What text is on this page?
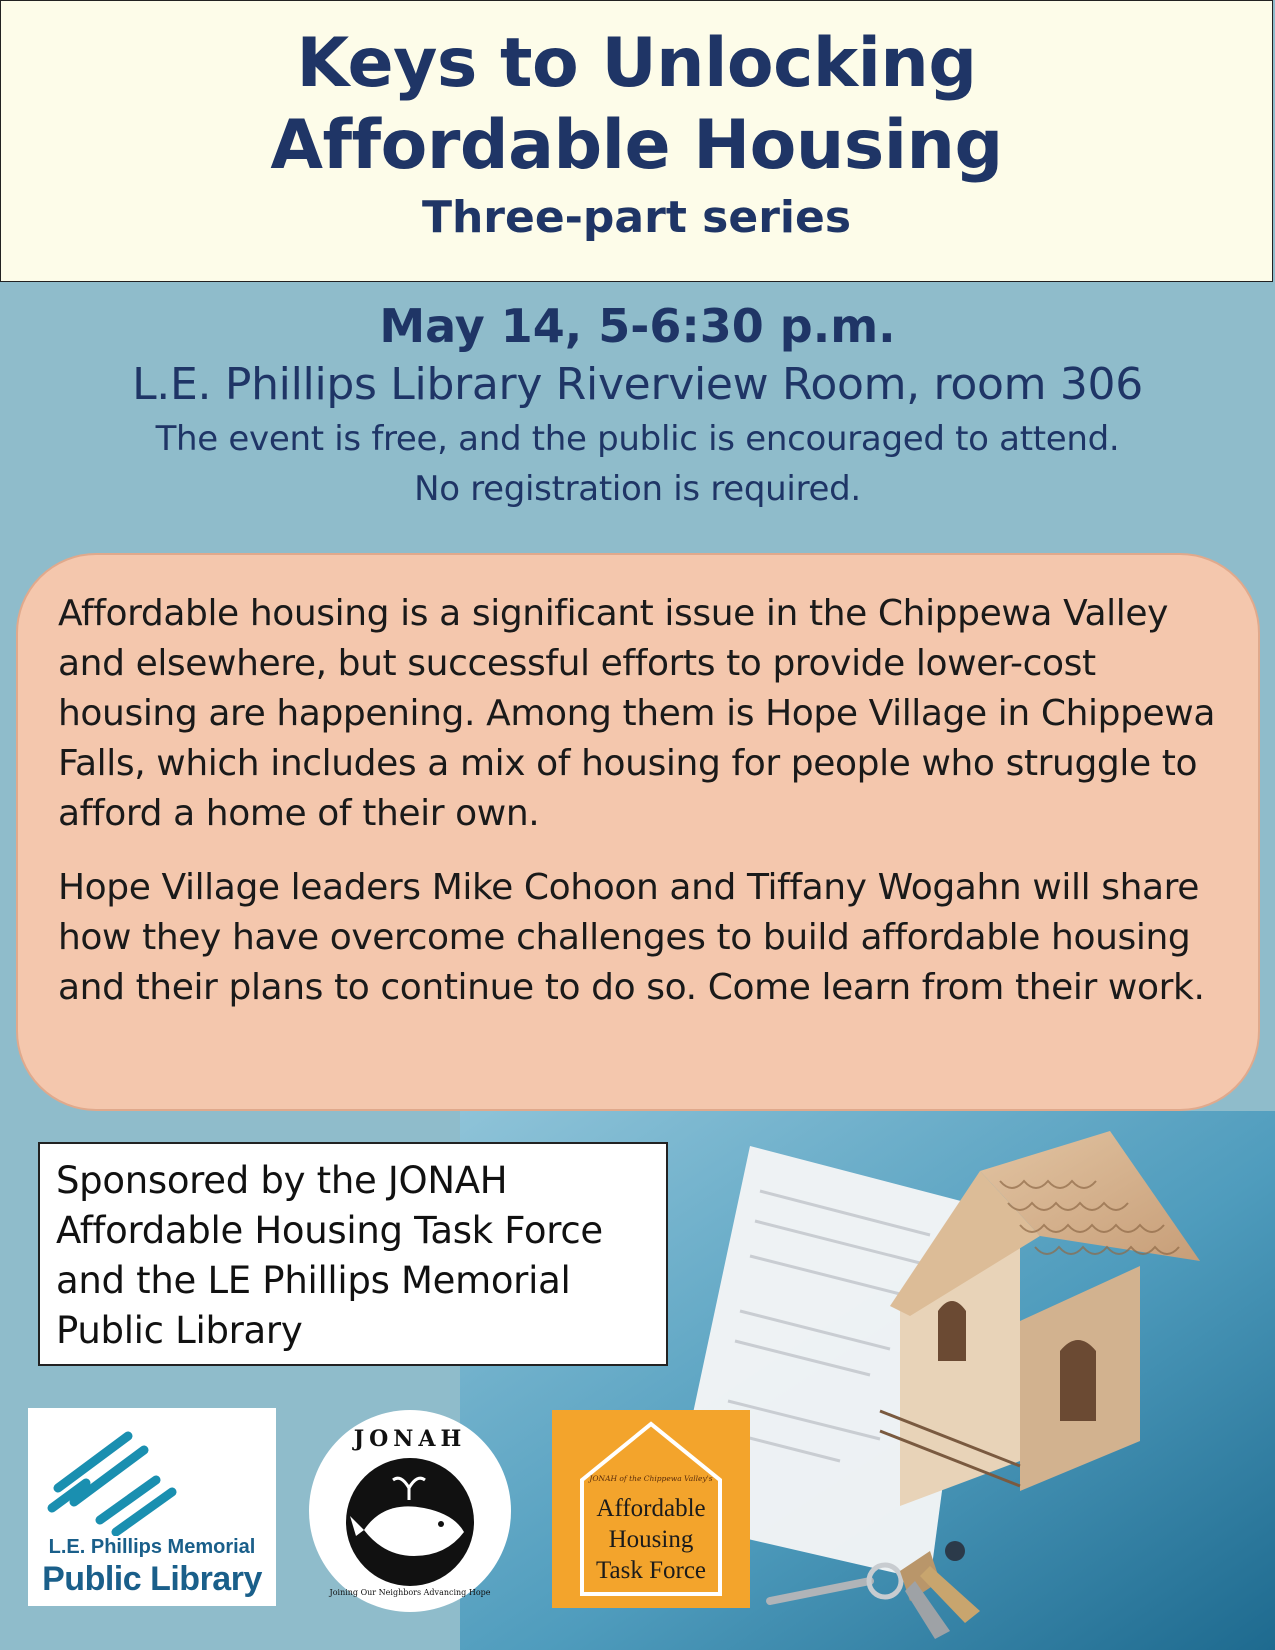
Keys to Unlocking
Affordable Housing
Three-part series
May 14, 5-6:30 p.m.
L.E. Phillips Library Riverview Room, room 306
The event is free, and the public is encouraged to attend.
No registration is required.

Affordable housing is a significant issue in the Chippewa Valley and elsewhere, but successful efforts to provide lower-cost housing are happening. Among them is Hope Village in Chippewa Falls, which includes a mix of housing for people who struggle to afford a home of their own.

Hope Village leaders Mike Cohoon and Tiffany Wogahn will share how they have overcome challenges to build affordable housing and their plans to continue to do so. Come learn from their work.

Sponsored by the JONAH Affordable Housing Task Force and the LE Phillips Memorial Public Library

L.E. Phillips Memorial
Public Library
JONAH
Joining Our Neighbors Advancing Hope
JONAH of the Chippewa Valley's
Affordable
Housing
Task Force
